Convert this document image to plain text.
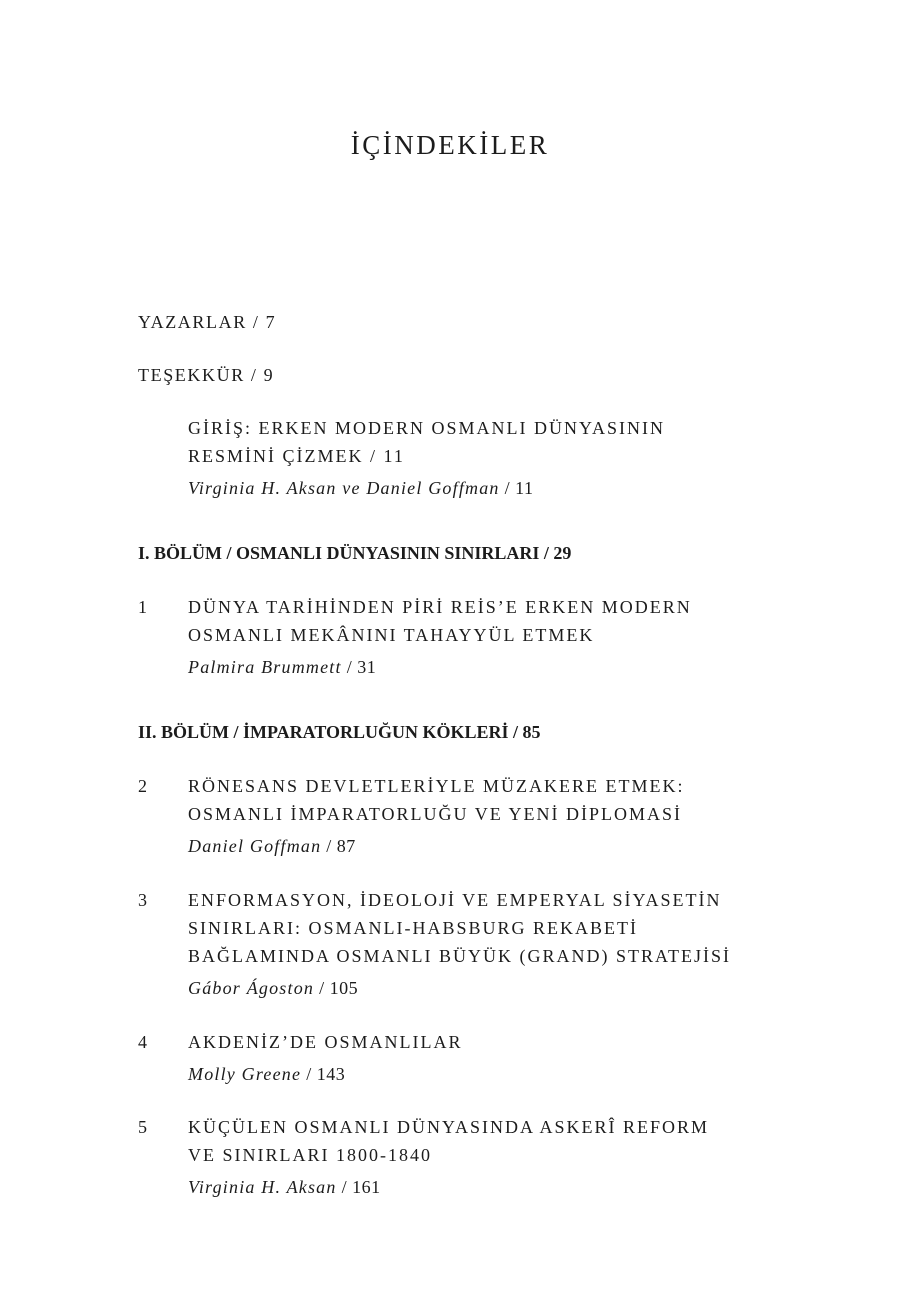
İÇİNDEKİLER
YAZARLAR / 7
TEŞEKKÜR / 9
GİRİŞ: ERKEN MODERN OSMANLI DÜNYASININ
RESMİNİ ÇİZMEK / 11
Virginia H. Aksan ve Daniel Goffman / 11
I. BÖLÜM / OSMANLI DÜNYASININ SINIRLARI / 29
1 DÜNYA TARİHİNDEN PİRİ REİS’E ERKEN MODERN
OSMANLI MEKÂNINI TAHAYYÜL ETMEK
Palmira Brummett / 31
II. BÖLÜM / İMPARATORLUĞUN KÖKLERİ / 85
2 RÖNESANS DEVLETLERİYLE MÜZAKERE ETMEK:
OSMANLI İMPARATORLUĞU VE YENİ DİPLOMASİ
Daniel Goffman / 87
3 ENFORMASYON, İDEOLOJİ VE EMPERYAL SİYASETİN
SINIRLARI: OSMANLI-HABSBURG REKABETİ
BAĞLAMINDA OSMANLI BÜYÜK (GRAND) STRATEJİSİ
Gábor Ágoston / 105
4 AKDENİZ’DE OSMANLILAR
Molly Greene / 143
5 KÜÇÜLEN OSMANLI DÜNYASINDA ASKERÎ REFORM
VE SINIRLARI 1800-1840
Virginia H. Aksan / 161
